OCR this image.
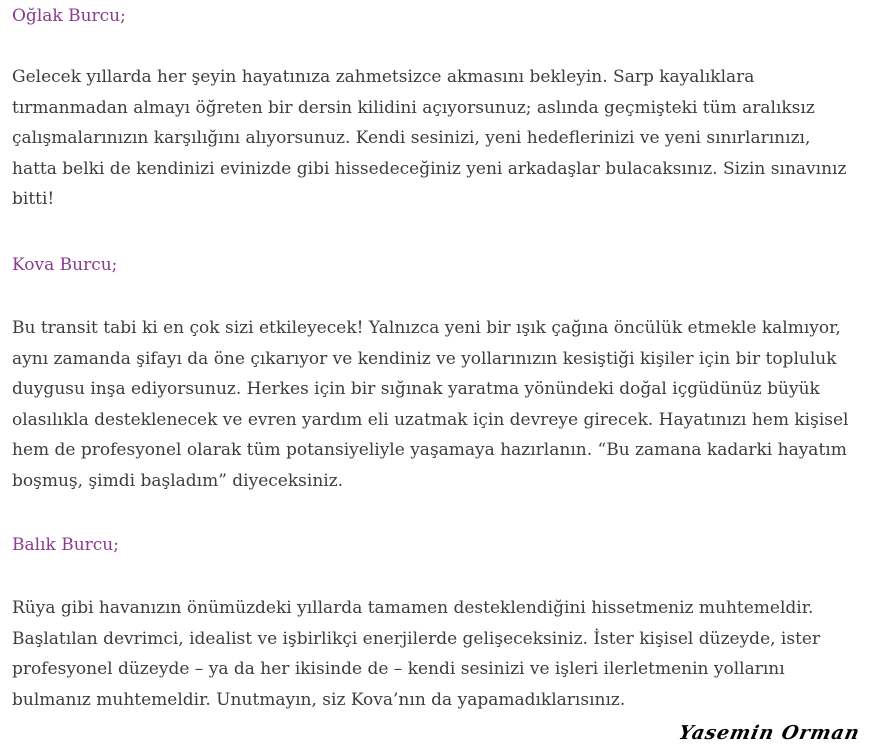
Oğlak Burcu;

Gelecek yıllarda her şeyin hayatınıza zahmetsizce akmasını bekleyin. Sarp kayalıklara
tırmanmadan almayı öğreten bir dersin kilidini açıyorsunuz; aslında geçmişteki tüm aralıksız
çalışmalarınızın karşılığını alıyorsunuz. Kendi sesinizi, yeni hedeflerinizi ve yeni sınırlarınızı,
hatta belki de kendinizi evinizde gibi hissedeceğiniz yeni arkadaşlar bulacaksınız. Sizin sınavınız
bitti!

Kova Burcu;

Bu transit tabi ki en çok sizi etkileyecek! Yalnızca yeni bir ışık çağına öncülük etmekle kalmıyor,
aynı zamanda şifayı da öne çıkarıyor ve kendiniz ve yollarınızın kesiştiği kişiler için bir topluluk
duygusu inşa ediyorsunuz. Herkes için bir sığınak yaratma yönündeki doğal içgüdünüz büyük
olasılıkla desteklenecek ve evren yardım eli uzatmak için devreye girecek. Hayatınızı hem kişisel
hem de profesyonel olarak tüm potansiyeliyle yaşamaya hazırlanın. “Bu zamana kadarki hayatım
boşmuş, şimdi başladım” diyeceksiniz.

Balık Burcu;

Rüya gibi havanızın önümüzdeki yıllarda tamamen desteklendiğini hissetmeniz muhtemeldir.
Başlatılan devrimci, idealist ve işbirlikçi enerjilerde gelişeceksiniz. İster kişisel düzeyde, ister
profesyonel düzeyde – ya da her ikisinde de – kendi sesinizi ve işleri ilerletmenin yollarını
bulmanız muhtemeldir. Unutmayın, siz Kova’nın da yapamadıklarısınız.
Yasemin Orman
